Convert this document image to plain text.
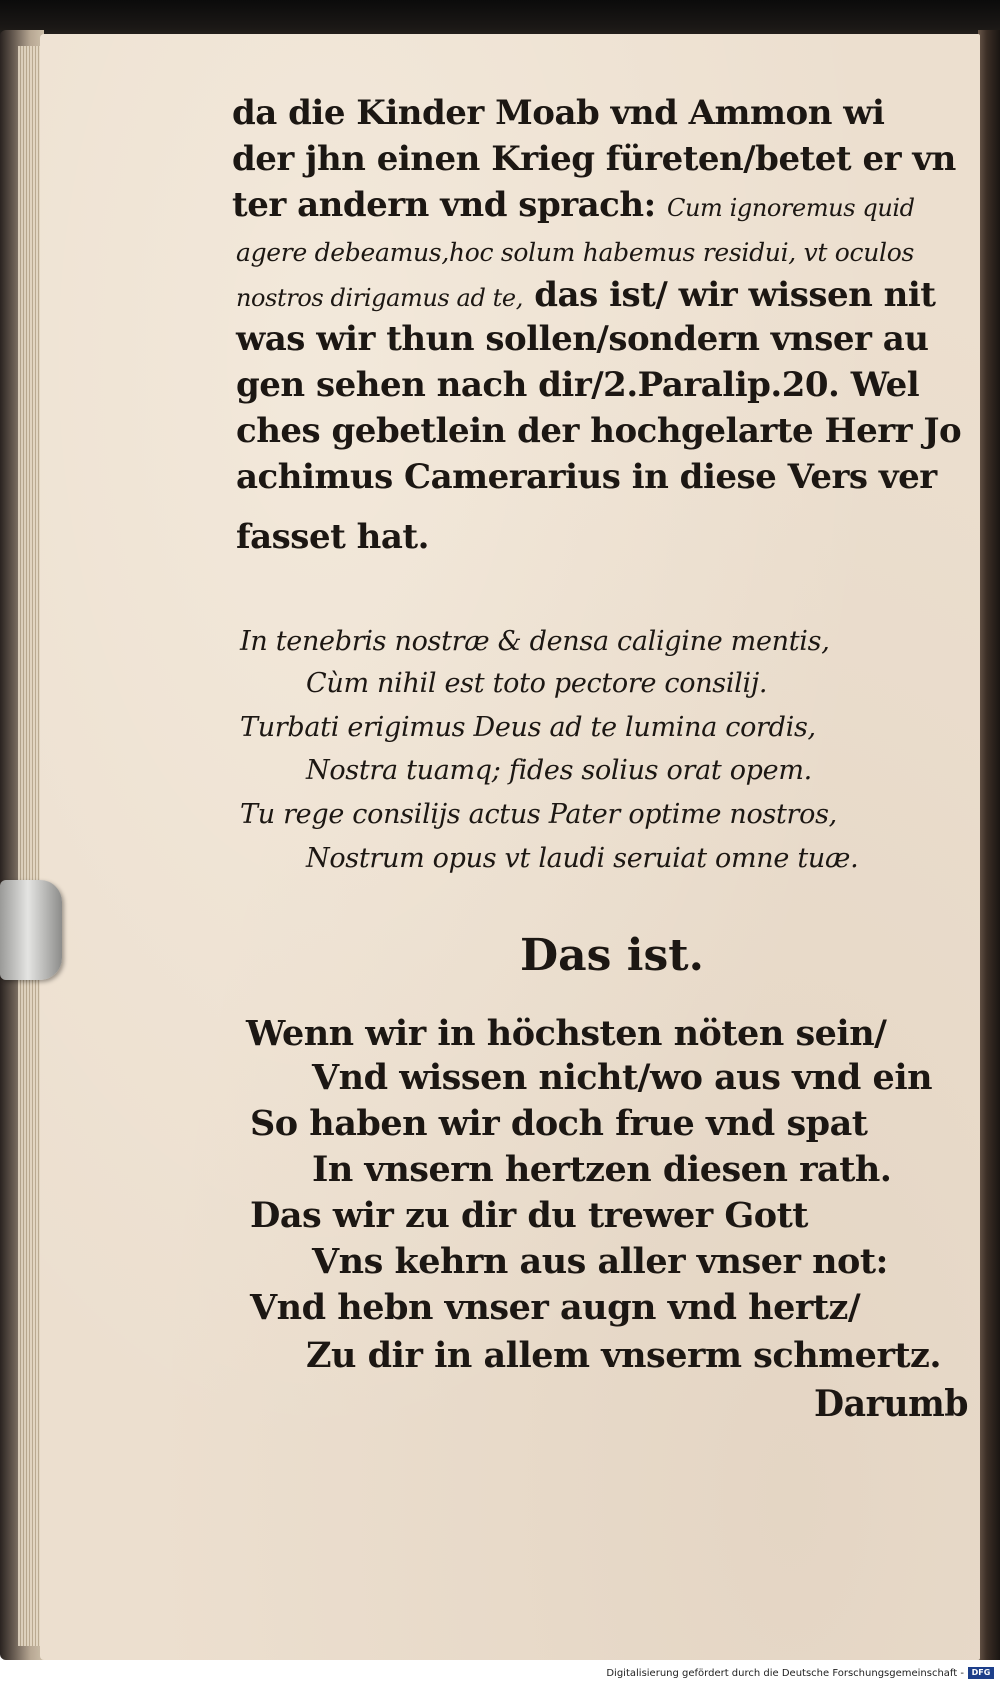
da die Kinder Moab vnd Ammon wi
der jhn einen Krieg füreten/betet er vn
ter andern vnd sprach: Cum ignoremus quid
agere debeamus,hoc solum habemus residui, vt oculos
nostros dirigamus ad te, das ist/ wir wissen nit
was wir thun sollen/sondern vnser au
gen sehen nach dir/2.Paralip.20. Wel
ches gebetlein der hochgelarte Herr Jo
achimus Camerarius in diese Vers ver
fasset hat.
In tenebris nostræ & densa caligine mentis,
Cùm nihil est toto pectore consilij.
Turbati erigimus Deus ad te lumina cordis,
Nostra tuamq; fides solius orat opem.
Tu rege consilijs actus Pater optime nostros,
Nostrum opus vt laudi seruiat omne tuæ.
Das ist.
Wenn wir in höchsten nöten sein/
Vnd wissen nicht/wo aus vnd ein
So haben wir doch frue vnd spat
In vnsern hertzen diesen rath.
Das wir zu dir du trewer Gott
Vns kehrn aus aller vnser not:
Vnd hebn vnser augn vnd hertz/
Zu dir in allem vnserm schmertz.
Darumb
Digitalisierung gefördert durch die Deutsche Forschungsgemeinschaft - DFG
